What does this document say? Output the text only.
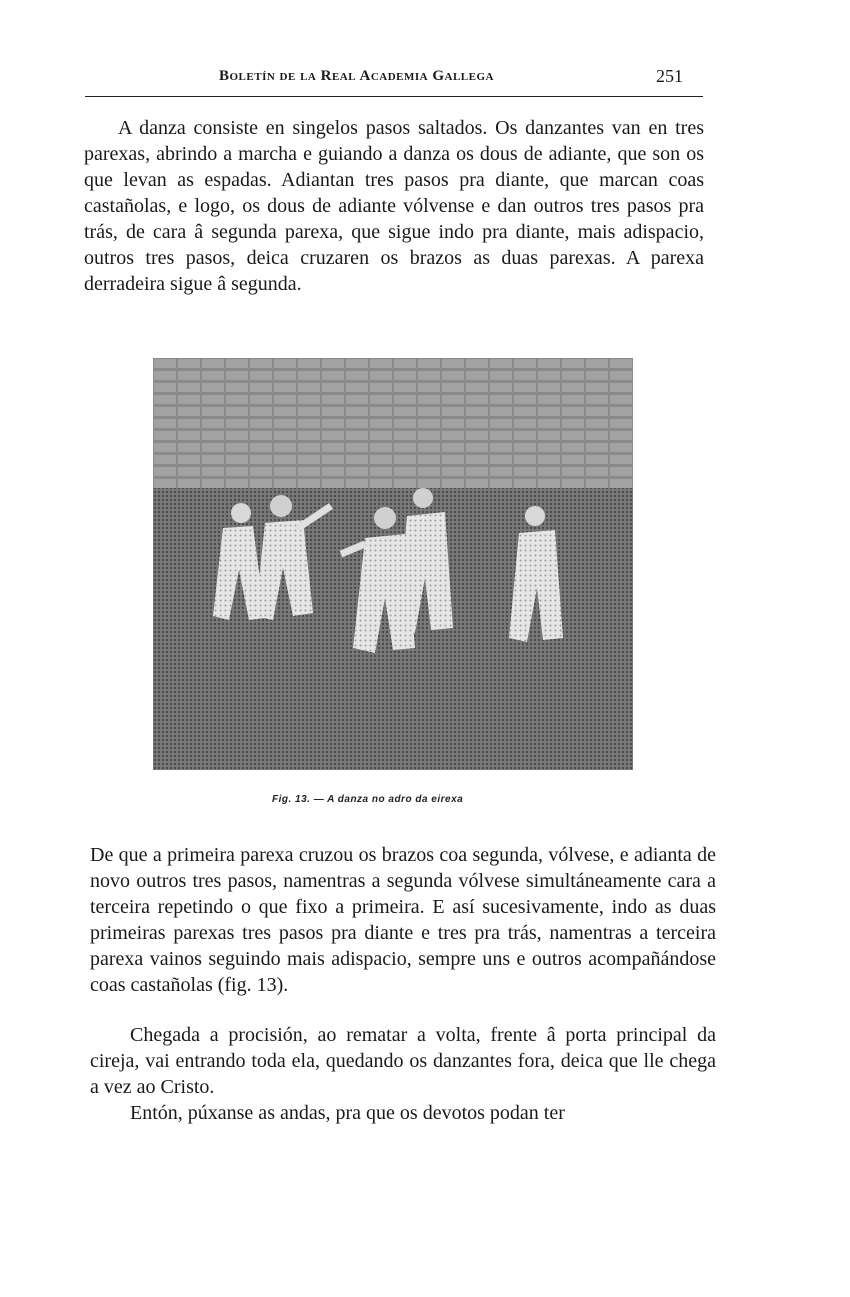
Boletín de la Real Academia Gallega	251

A danza consiste en singelos pasos saltados. Os danzantes van en tres parexas, abrindo a marcha e guiando a danza os dous de adiante, que son os que levan as espadas. Adiantan tres pasos pra diante, que marcan coas castañolas, e logo, os dous de adiante vólvense e dan outros tres pasos pra trás, de cara â segunda parexa, que sigue indo pra diante, mais adispacio, outros tres pasos, deica cruzaren os brazos as duas parexas. A parexa derradeira sigue â segunda.

Fig. 13. — A danza no adro da eirexa

De que a primeira parexa cruzou os brazos coa segunda, vólvese, e adianta de novo outros tres pasos, namentras a segunda vólvese simultáneamente cara a terceira repetindo o que fixo a primeira. E así sucesivamente, indo as duas primeiras parexas tres pasos pra diante e tres pra trás, namentras a terceira parexa vainos seguindo mais adispacio, sempre uns e outros acompañándose coas castañolas (fig. 13).

Chegada a procisión, ao rematar a volta, frente â porta principal da cireja, vai entrando toda ela, quedando os danzantes fora, deica que lle chega a vez ao Cristo.

Entón, púxanse as andas, pra que os devotos podan ter
